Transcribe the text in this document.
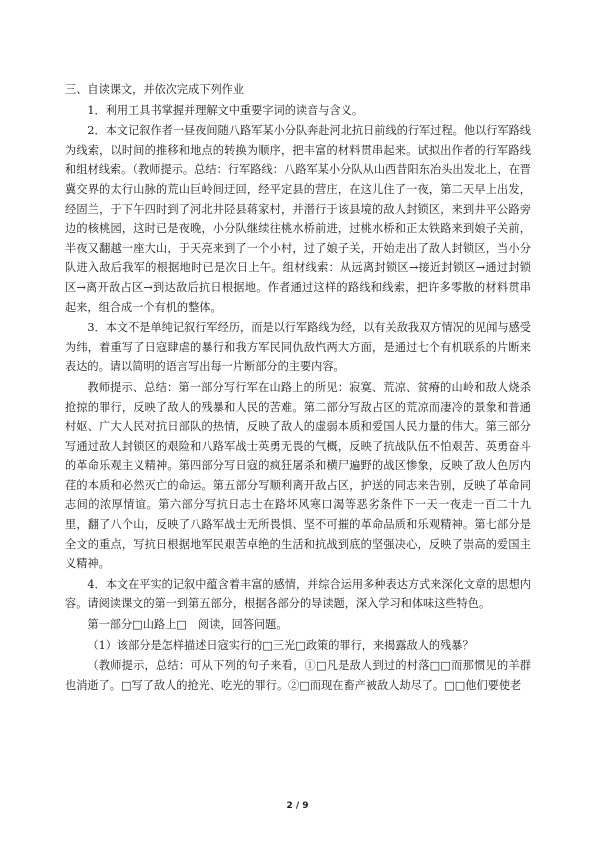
三、自读课文，并依次完成下列作业

1．利用工具书掌握并理解文中重要字词的读音与含义。

2．本文记叙作者一昼夜间随八路军某小分队奔赴河北抗日前线的行军过程。他以行军路线为线索，以时间的推移和地点的转换为顺序，把丰富的材料贯串起来。试拟出作者的行军路线和组材线索。（教师提示。总结：行军路线：八路军某小分队从山西昔阳东冶头出发北上，在晋冀交界的太行山脉的荒山巨岭间迂回，经平定县的营庄，在这儿住了一夜，第二天早上出发，经固兰，于下午四时到了河北井陉县蒋家村，并潜行于该县境的敌人封锁区，来到井平公路旁边的核桃园，这时已是夜晚，小分队继续往桃水桥前进，过桃水桥和正太铁路来到娘子关前，半夜又翻越一座大山，于天亮来到了一个小村，过了娘子关，开始走出了敌人封锁区，当小分队进入敌后我军的根据地时已是次日上午。组材线索：从远离封锁区→接近封锁区→通过封锁区→离开敌占区→到达敌后抗日根据地。作者通过这样的路线和线索，把许多零散的材料贯串起来，组合成一个有机的整体。

3．本文不是单纯记叙行军经历，而是以行军路线为经，以有关敌我双方情况的见闻与感受为纬，着重写了日寇肆虐的暴行和我方军民同仇敌忾两大方面，是通过七个有机联系的片断来表达的。请以简明的语言写出每一片断部分的主要内容。

教师提示、总结：第一部分写行军在山路上的所见：寂寞、荒凉、贫瘠的山岭和敌人烧杀抢掠的罪行，反映了敌人的残暴和人民的苦难。第二部分写敌占区的荒凉而凄冷的景象和普通村妪、广大人民对抗日部队的热情，反映了敌人的虚弱本质和爱国人民力量的伟大。第三部分写通过敌人封锁区的艰险和八路军战士英勇无畏的气概，反映了抗战队伍不怕艰苦、英勇奋斗的革命乐观主义精神。第四部分写日寇的疯狂屠杀和横尸遍野的战区惨象，反映了敌人色厉内荏的本质和必然灭亡的命运。第五部分写顺利离开敌占区，护送的同志来告别，反映了革命同志间的浓厚情谊。第六部分写抗日志士在路坏风寒口渴等恶劣条件下一天一夜走一百二十九里，翻了八个山，反映了八路军战士无所畏惧、坚不可摧的革命品质和乐观精神。第七部分是全文的重点，写抗日根据地军民艰苦卓绝的生活和抗战到底的坚强决心，反映了崇高的爱国主义精神。

4．本文在平实的记叙中蕴含着丰富的感情，并综合运用多种表达方式来深化文章的思想内容。请阅读课文的第一到第五部分，根据各部分的导读题，深入学习和体味这些特色。

第一部分□山路上□　阅读，回答问题。

（1）该部分是怎样描述日寇实行的□三光□政策的罪行，来揭露敌人的残暴？

（教师提示，总结：可从下列的句子来看，①□凡是敌人到过的村落□□而那惯见的羊群也消逝了。□写了敌人的抢光、吃光的罪行。②□而现在畜产被敌人劫尽了。□□他们要使老

2 / 9
